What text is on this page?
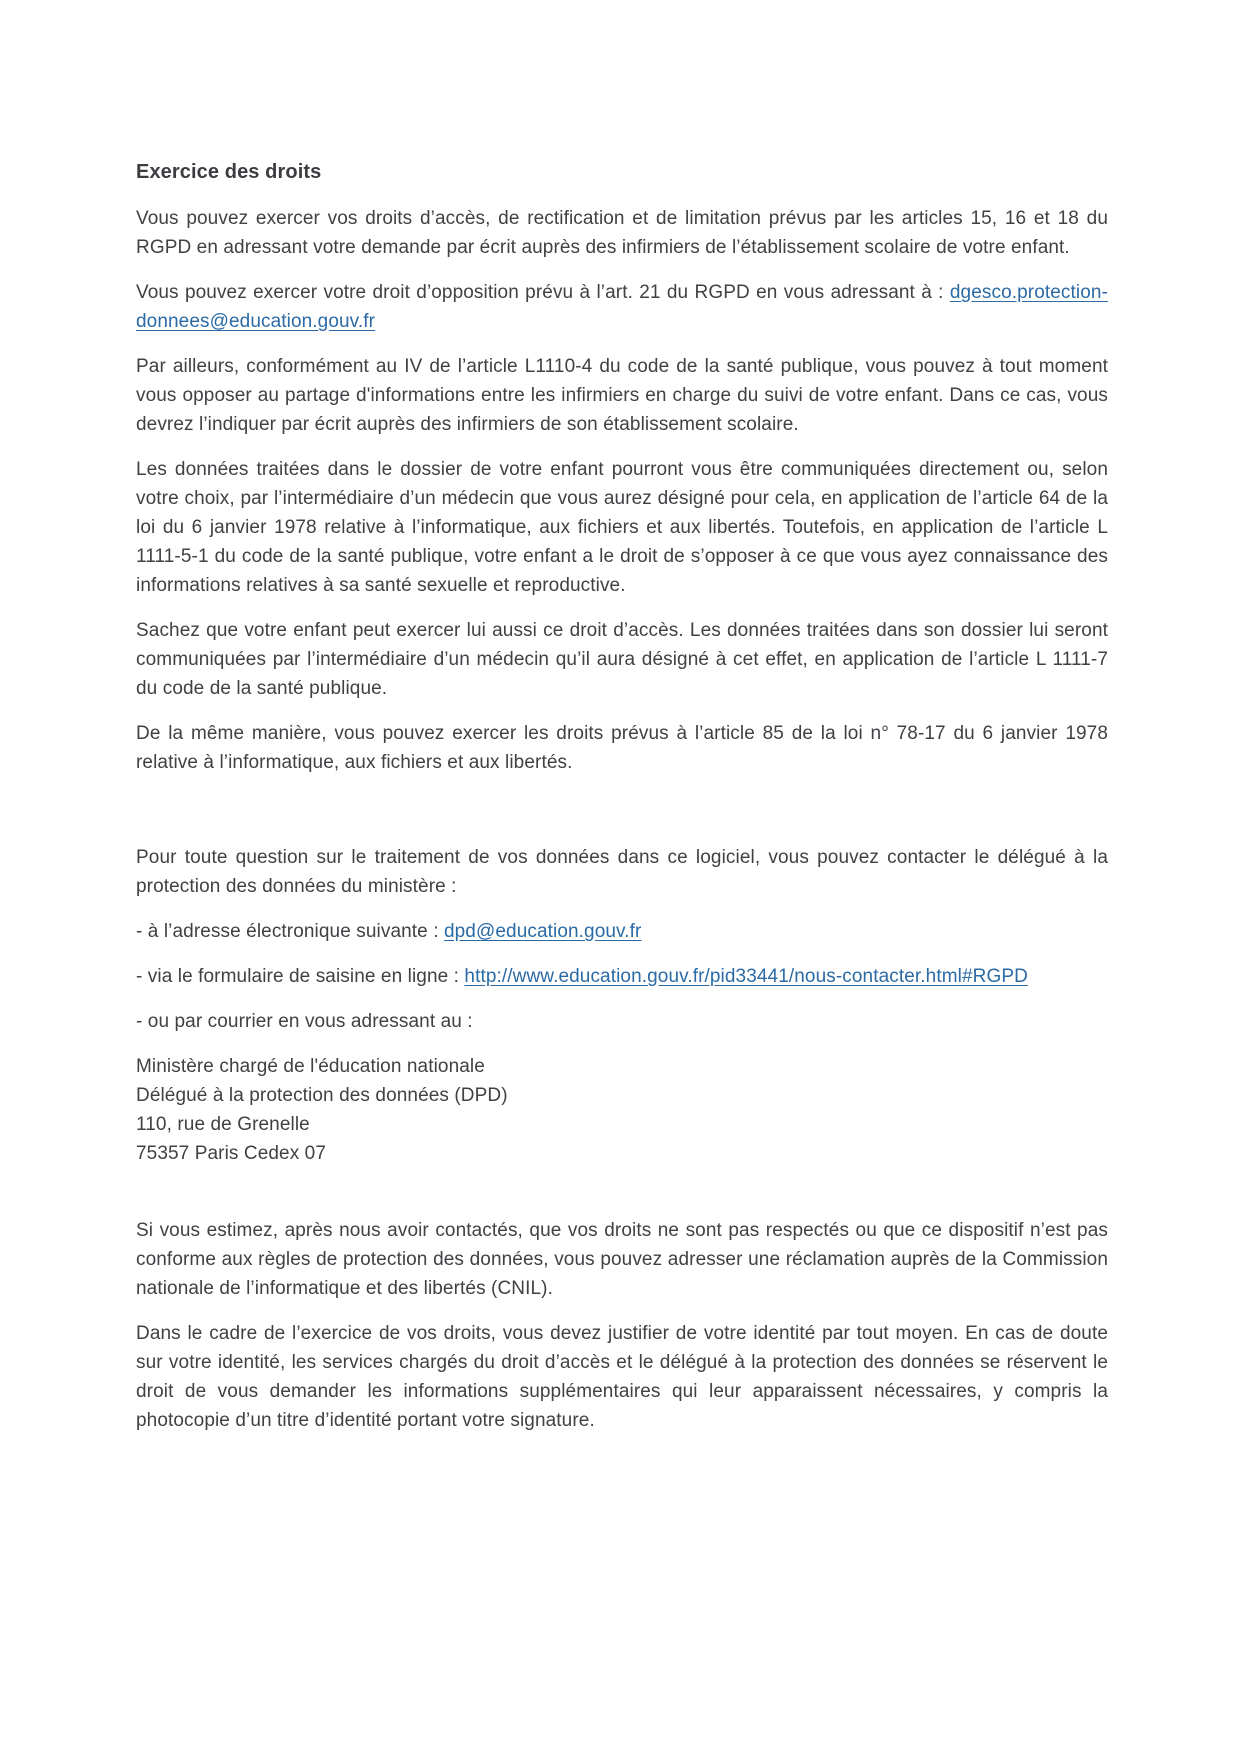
Exercice des droits

Vous pouvez exercer vos droits d’accès, de rectification et de limitation prévus par les articles 15, 16 et 18 du RGPD en adressant votre demande par écrit auprès des infirmiers de l’établissement scolaire de votre enfant.

Vous pouvez exercer votre droit d’opposition prévu à l’art. 21 du RGPD en vous adressant à : dgesco.protection-donnees@education.gouv.fr

Par ailleurs, conformément au IV de l’article L1110-4 du code de la santé publique, vous pouvez à tout moment vous opposer au partage d'informations entre les infirmiers en charge du suivi de votre enfant. Dans ce cas, vous devrez l’indiquer par écrit auprès des infirmiers de son établissement scolaire.

Les données traitées dans le dossier de votre enfant pourront vous être communiquées directement ou, selon votre choix, par l’intermédiaire d’un médecin que vous aurez désigné pour cela, en application de l’article 64 de la loi du 6 janvier 1978 relative à l’informatique, aux fichiers et aux libertés. Toutefois, en application de l’article L 1111-5-1 du code de la santé publique, votre enfant a le droit de s’opposer à ce que vous ayez connaissance des informations relatives à sa santé sexuelle et reproductive.

Sachez que votre enfant peut exercer lui aussi ce droit d’accès. Les données traitées dans son dossier lui seront communiquées par l’intermédiaire d’un médecin qu’il aura désigné à cet effet, en application de l’article L 1111-7 du code de la santé publique.

De la même manière, vous pouvez exercer les droits prévus à l’article 85 de la loi n° 78-17 du 6 janvier 1978 relative à l’informatique, aux fichiers et aux libertés.

Pour toute question sur le traitement de vos données dans ce logiciel, vous pouvez contacter le délégué à la protection des données du ministère :

- à l’adresse électronique suivante : dpd@education.gouv.fr

- via le formulaire de saisine en ligne : http://www.education.gouv.fr/pid33441/nous-contacter.html#RGPD

- ou par courrier en vous adressant au :

Ministère chargé de l'éducation nationale
Délégué à la protection des données (DPD)
110, rue de Grenelle
75357 Paris Cedex 07

Si vous estimez, après nous avoir contactés, que vos droits ne sont pas respectés ou que ce dispositif n’est pas conforme aux règles de protection des données, vous pouvez adresser une réclamation auprès de la Commission nationale de l’informatique et des libertés (CNIL).

Dans le cadre de l’exercice de vos droits, vous devez justifier de votre identité par tout moyen. En cas de doute sur votre identité, les services chargés du droit d’accès et le délégué à la protection des données se réservent le droit de vous demander les informations supplémentaires qui leur apparaissent nécessaires, y compris la photocopie d’un titre d’identité portant votre signature.
